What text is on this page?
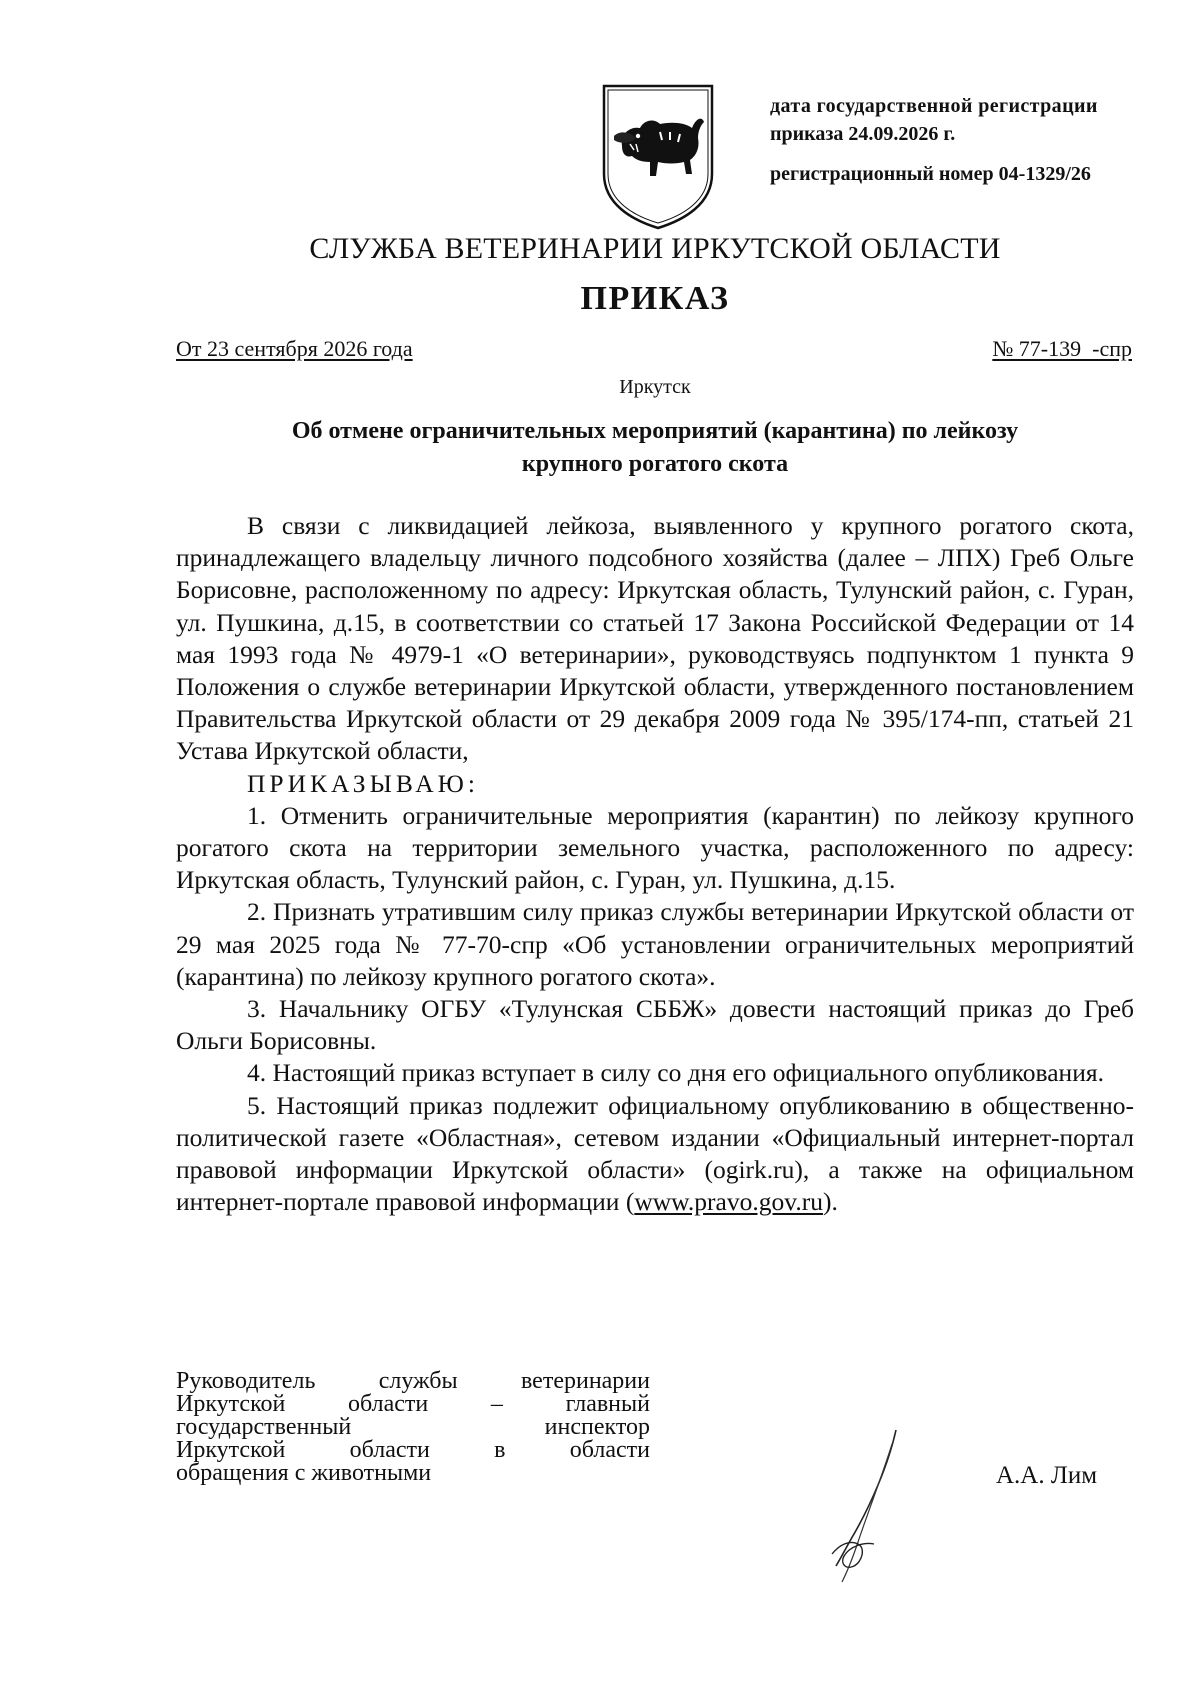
дата государственной регистрации
приказа 24.09.2026 г.
регистрационный номер 04-1329/26
СЛУЖБА ВЕТЕРИНАРИИ ИРКУТСКОЙ ОБЛАСТИ
ПРИКАЗ
От 23 сентября 2026 года	№ 77-139  -спр
Иркутск
Об отмене ограничительных мероприятий (карантина) по лейкозу
крупного рогатого скота

В связи с ликвидацией лейкоза, выявленного у крупного рогатого скота, принадлежащего владельцу личного подсобного хозяйства (далее – ЛПХ) Греб Ольге Борисовне, расположенному по адресу: Иркутская область, Тулунский район, с. Гуран, ул. Пушкина, д.15, в соответствии со статьей 17 Закона Российской Федерации от 14 мая 1993 года № 4979-1 «О ветеринарии», руководствуясь подпунктом 1 пункта 9 Положения о службе ветеринарии Иркутской области, утвержденного постановлением Правительства Иркутской области от 29 декабря 2009 года № 395/174-пп, статьей 21 Устава Иркутской области,

ПРИКАЗЫВАЮ:

1. Отменить ограничительные мероприятия (карантин) по лейкозу крупного рогатого скота на территории земельного участка, расположенного по адресу: Иркутская область, Тулунский район, с. Гуран, ул. Пушкина, д.15.

2. Признать утратившим силу приказ службы ветеринарии Иркутской области от 29 мая 2025 года № 77-70-спр «Об установлении ограничительных мероприятий (карантина) по лейкозу крупного рогатого скота».

3. Начальнику ОГБУ «Тулунская СББЖ» довести настоящий приказ до Греб Ольги Борисовны.

4. Настоящий приказ вступает в силу со дня его официального опубликования.

5. Настоящий приказ подлежит официальному опубликованию в общественно-политической газете «Областная», сетевом издании «Официальный интернет-портал правовой информации Иркутской области» (ogirk.ru), а также на официальном интернет-портале правовой информации (www.pravo.gov.ru).

Руководитель службы ветеринарии
Иркутской области – главный
государственный инспектор
Иркутской области в области
обращения с животными	А.А. Лим
